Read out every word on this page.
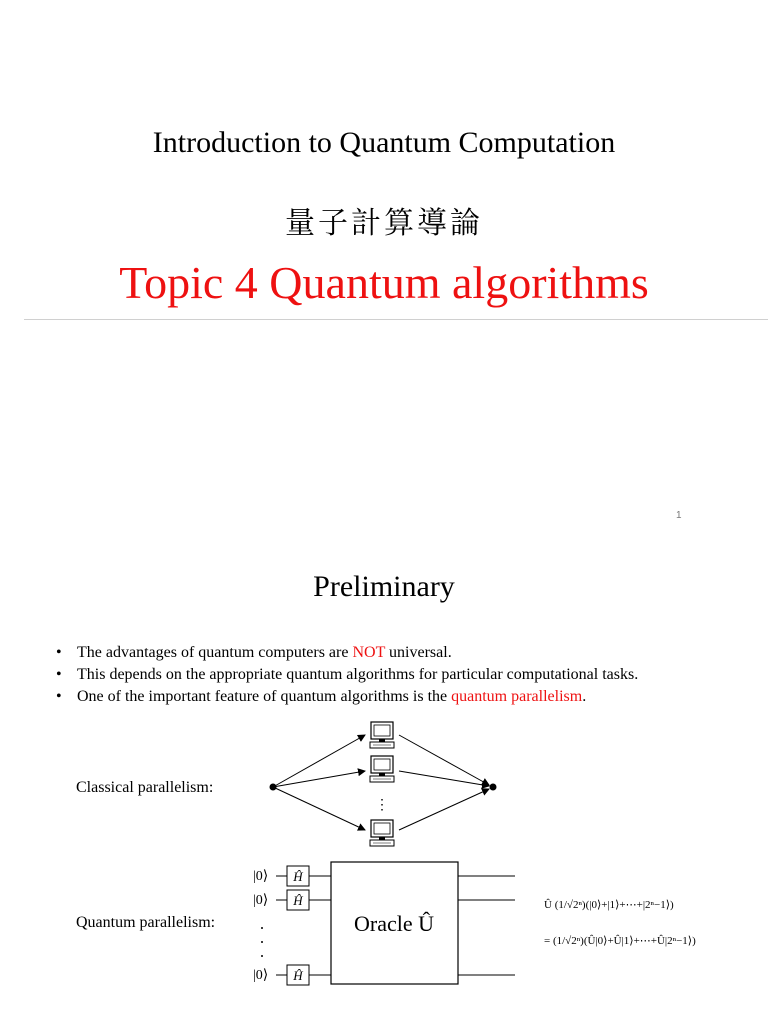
Introduction to Quantum Computation
量子計算導論
Topic 4 Quantum algorithms
1
Preliminary
• The advantages of quantum computers are NOT universal.
• This depends on the appropriate quantum algorithms for particular computational tasks.
• One of the important feature of quantum algorithms is the quantum parallelism.
Classical parallelism:
Quantum parallelism:
⋮
Oracle Û
|0⟩ Ĥ
|0⟩ Ĥ
|0⟩ Ĥ
Û (1/√2ⁿ)(|0⟩+|1⟩+⋯+|2ⁿ−1⟩)
= (1/√2ⁿ)(Û|0⟩+Û|1⟩+⋯+Û|2ⁿ−1⟩)
